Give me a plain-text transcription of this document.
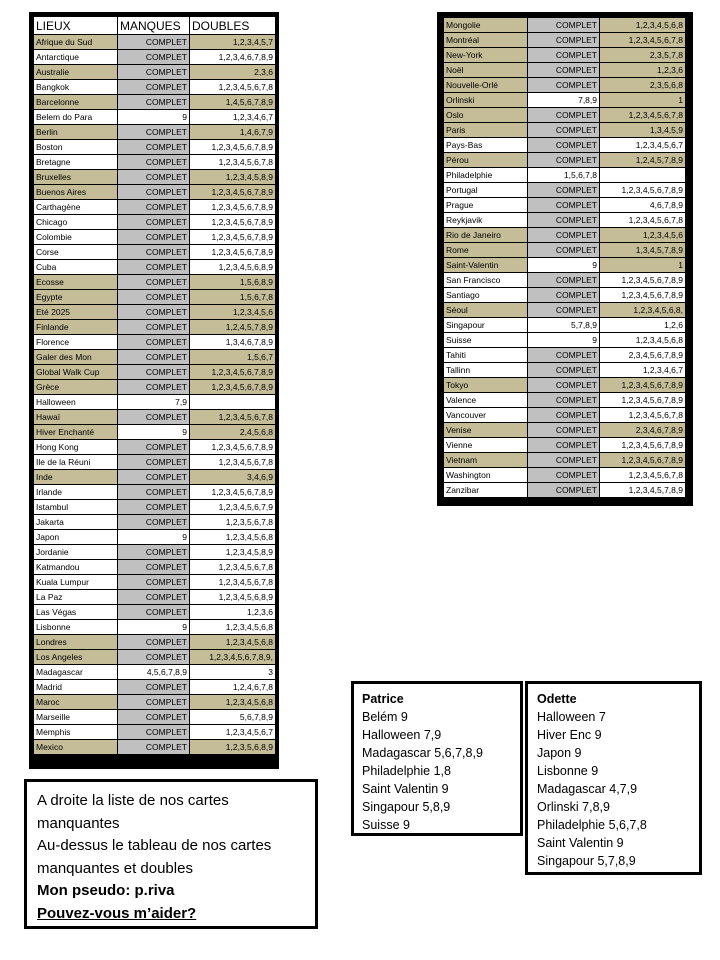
LIEUX	MANQUES	DOUBLES
Afrique du Sud	COMPLET	1,2,3,4,5,7
Antarctique	COMPLET	1,2,3,4,6,7,8,9
Australie	COMPLET	2,3,6
Bangkok	COMPLET	1,2,3,4,5,6,7,8
Barcelonne	COMPLET	1,4,5,6,7,8,9
Belem do Para	9	1,2,3,4,6,7
Berlin	COMPLET	1,4,6,7,9
Boston	COMPLET	1,2,3,4,5,6,7,8,9
Bretagne	COMPLET	1,2,3,4,5,6,7,8
Bruxelles	COMPLET	1,2,3,4,5,8,9
Buenos Aires	COMPLET	1,2,3,4,5,6,7,8,9
Carthagène	COMPLET	1,2,3,4,5,6,7,8,9
Chicago	COMPLET	1,2,3,4,5,6,7,8,9
Colombie	COMPLET	1,2,3,4,5,6,7,8,9
Corse	COMPLET	1,2,3,4,5,6,7,8,9
Cuba	COMPLET	1,2,3,4,5,6,8,9
Ecosse	COMPLET	1,5,6,8,9
Egypte	COMPLET	1,5,6,7,8
Eté 2025	COMPLET	1,2,3,4,5,6
Finlande	COMPLET	1,2,4,5,7,8,9
Florence	COMPLET	1,3,4,6,7,8,9
Galer des Mon	COMPLET	1,5,6,7
Global Walk Cup	COMPLET	1,2,3,4,5,6,7,8,9
Grèce	COMPLET	1,2,3,4,5,6,7,8,9
Halloween	7,9	
Hawaï	COMPLET	1,2,3,4,5,6,7,8
Hiver Enchanté	9	2,4,5,6,8
Hong Kong	COMPLET	1,2,3,4,5,6,7,8,9
Ile de la Réuni	COMPLET	1,2,3,4,5,6,7,8
Inde	COMPLET	3,4,6,9
Irlande	COMPLET	1,2,3,4,5,6,7,8,9
Istambul	COMPLET	1,2,3,4,5,6,7,9
Jakarta	COMPLET	1,2,3,5,6,7,8
Japon	9	1,2,3,4,5,6,8
Jordanie	COMPLET	1,2,3,4,5,8,9
Katmandou	COMPLET	1,2,3,4,5,6,7,8
Kuala Lumpur	COMPLET	1,2,3,4,5,6,7,8
La Paz	COMPLET	1,2,3,4,5,6,8,9
Las Végas	COMPLET	1,2,3,6
Lisbonne	9	1,2,3,4,5,6,8
Londres	COMPLET	1,2,3,4,5,6,8
Los Angeles	COMPLET	1,2,3,4,5,6,7,8,9,
Madagascar	4,5,6,7,8,9	3
Madrid	COMPLET	1,2,4,6,7,8
Maroc	COMPLET	1,2,3,4,5,6,8
Marseille	COMPLET	5,6,7,8,9
Memphis	COMPLET	1,2,3,4,5,6,7
Mexico	COMPLET	1,2,3,5,6,8,9
Mongolie	COMPLET	1,2,3,4,5,6,8
Montréal	COMPLET	1,2,3,4,5,6,7,8
New-York	COMPLET	2,3,5,7,8
Noël	COMPLET	1,2,3,6
Nouvelle-Orlé	COMPLET	2,3,5,6,8
Orlinski	7,8,9	1
Oslo	COMPLET	1,2,3,4,5,6,7,8
Paris	COMPLET	1,3,4,5,9
Pays-Bas	COMPLET	1,2,3,4,5,6,7
Pérou	COMPLET	1,2,4,5,7,8,9
Philadelphie	1,5,6,7,8	
Portugal	COMPLET	1,2,3,4,5,6,7,8,9
Prague	COMPLET	4,6,7,8,9
Reykjavik	COMPLET	1,2,3,4,5,6,7,8
Rio de Janeiro	COMPLET	1,2,3,4,5,6
Rome	COMPLET	1,3,4,5,7,8,9
Saint-Valentin	9	1
San Francisco	COMPLET	1,2,3,4,5,6,7,8,9
Santiago	COMPLET	1,2,3,4,5,6,7,8,9
Séoul	COMPLET	1,2,3,4,5,6,8,
Singapour	5,7,8,9	1,2,6
Suisse	9	1,2,3,4,5,6,8
Tahiti	COMPLET	2,3,4,5,6,7,8,9
Tallinn	COMPLET	1,2,3,4,6,7
Tokyo	COMPLET	1,2,3,4,5,6,7,8,9
Valence	COMPLET	1,2,3,4,5,6,7,8,9
Vancouver	COMPLET	1,2,3,4,5,6,7,8
Venise	COMPLET	2,3,4,6,7,8,9
Vienne	COMPLET	1,2,3,4,5,6,7,8,9
Vietnam	COMPLET	1,2,3,4,5,6,7,8,9
Washington	COMPLET	1,2,3,4,5,6,7,8
Zanzibar	COMPLET	1,2,3,4,5,7,8,9
Patrice
Belém 9
Halloween 7,9
Madagascar 5,6,7,8,9
Philadelphie 1,8
Saint Valentin 9
Singapour 5,8,9
Suisse 9
Odette
Halloween 7
Hiver Enc 9
Japon 9
Lisbonne 9
Madagascar 4,7,9
Orlinski 7,8,9
Philadelphie 5,6,7,8
Saint Valentin 9
Singapour 5,7,8,9
A droite la liste de nos cartes
manquantes
Au-dessus le tableau de nos cartes
manquantes et doubles
Mon pseudo: p.riva
Pouvez-vous m’aider?
